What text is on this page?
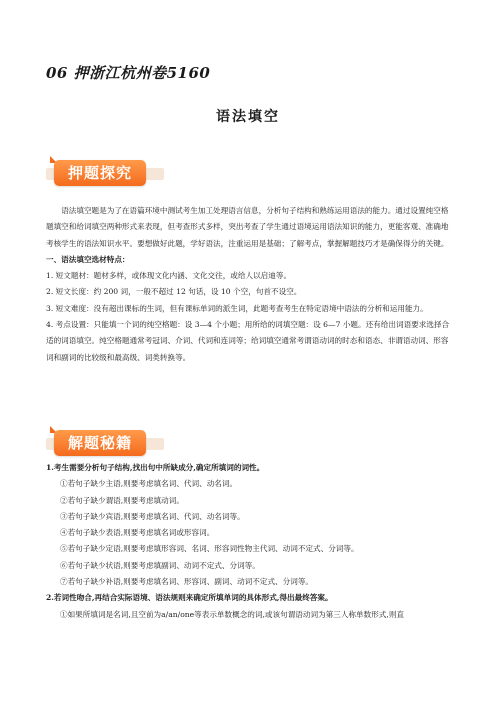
06 押浙江杭州卷5160
语法填空
押题探究

语法填空题是为了在语篇环境中测试考生加工处理语言信息，分析句子结构和熟练运用语法的能力。通过设置纯空格题填空和给词填空两种形式来表现，但考查形式多样，突出考查了学生通过语境运用语法知识的能力，更能客观、准确地考核学生的语法知识水平。要想做好此题，学好语法，注重运用是基础；了解考点，掌握解题技巧才是确保得分的关键。

一、语法填空选材特点：

1. 短文题材：题材多样，或体现文化内涵、文化交往，或给人以启迪等。

2. 短文长度：约 200 词，一般不超过 12 句话，设 10 个空，句首不设空。

3. 短文难度：没有超出课标的生词，但有课标单词的派生词，此题考查考生在特定语境中语法的分析和运用能力。

4. 考点设置：只能填一个词的纯空格题：设 3—4 个小题；用所给的词填空题：设 6—7 小题。还有给出词语要求选择合适的词语填空。纯空格题通常考冠词、介词、代词和连词等；给词填空通常考谓语动词的时态和语态、非谓语动词、形容词和副词的比较级和最高级、词类转换等。

解题秘籍

1.考生需要分析句子结构,找出句中所缺成分,确定所填词的词性。

①若句子缺少主语,则要考虑填名词、代词、动名词。

②若句子缺少谓语,则要考虑填动词。

③若句子缺少宾语,则要考虑填名词、代词、动名词等。

④若句子缺少表语,则要考虑填名词或形容词。

⑤若句子缺少定语,则要考虑填形容词、名词、形容词性物主代词、动词不定式、分词等。

⑥若句子缺少状语,则要考虑填副词、动词不定式、分词等。

⑦若句子缺少补语,则要考虑填名词、形容词、副词、动词不定式、分词等。

2.若词性吻合,再结合实际语境、语法规则来确定所填单词的具体形式,得出最终答案。

①如果所填词是名词,且空前为a/an/one等表示单数概念的词,或该句谓语动词为第三人称单数形式,则直
